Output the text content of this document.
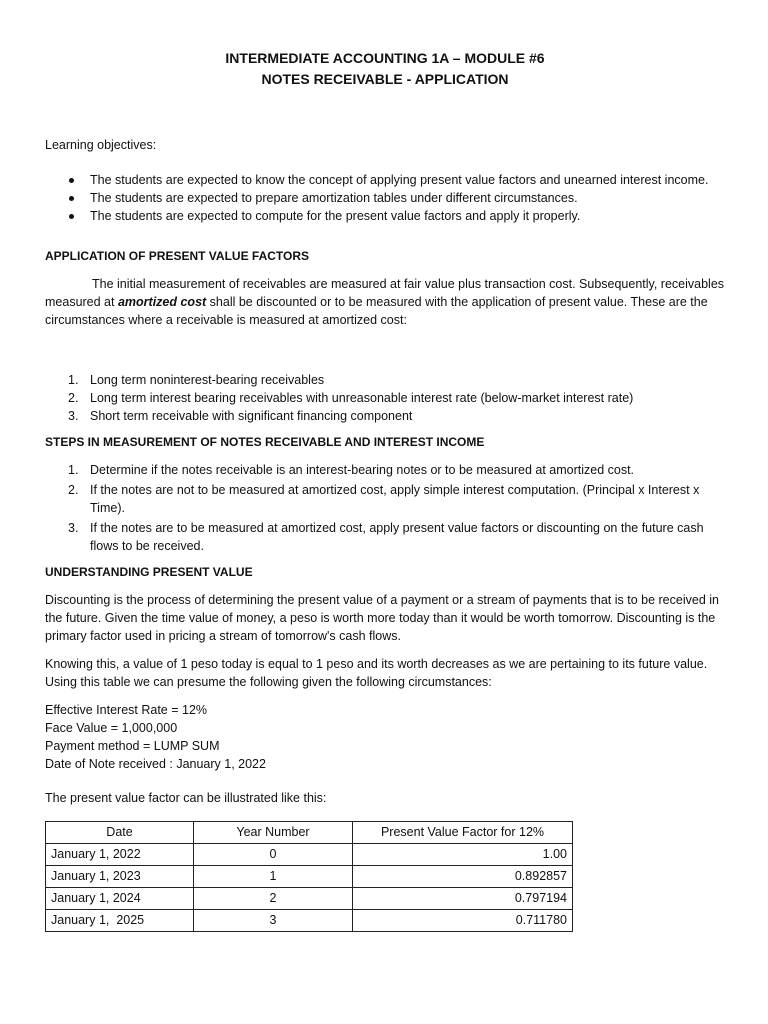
INTERMEDIATE ACCOUNTING 1A – MODULE #6

NOTES RECEIVABLE - APPLICATION

Learning objectives:

The students are expected to know the concept of applying present value factors and unearned interest income.
The students are expected to prepare amortization tables under different circumstances.
The students are expected to compute for the present value factors and apply it properly.

APPLICATION OF PRESENT VALUE FACTORS

The initial measurement of receivables are measured at fair value plus transaction cost. Subsequently, receivables measured at amortized cost shall be discounted or to be measured with the application of present value. These are the circumstances where a receivable is measured at amortized cost:

1. Long term noninterest-bearing receivables
2. Long term interest bearing receivables with unreasonable interest rate (below-market interest rate)
3. Short term receivable with significant financing component

STEPS IN MEASUREMENT OF NOTES RECEIVABLE AND INTEREST INCOME

1. Determine if the notes receivable is an interest-bearing notes or to be measured at amortized cost.
2. If the notes are not to be measured at amortized cost, apply simple interest computation. (Principal x Interest x Time).
3. If the notes are to be measured at amortized cost, apply present value factors or discounting on the future cash flows to be received.

UNDERSTANDING PRESENT VALUE

Discounting is the process of determining the present value of a payment or a stream of payments that is to be received in the future. Given the time value of money, a peso is worth more today than it would be worth tomorrow. Discounting is the primary factor used in pricing a stream of tomorrow's cash flows.

Knowing this, a value of 1 peso today is equal to 1 peso and its worth decreases as we are pertaining to its future value. Using this table we can presume the following given the following circumstances:

Effective Interest Rate = 12%
Face Value = 1,000,000
Payment method = LUMP SUM
Date of Note received : January 1, 2022

The present value factor can be illustrated like this:

Date	Year Number	Present Value Factor for 12%
January 1, 2022	0	1.00
January 1, 2023	1	0.892857
January 1, 2024	2	0.797194
January 1,  2025	3	0.711780
